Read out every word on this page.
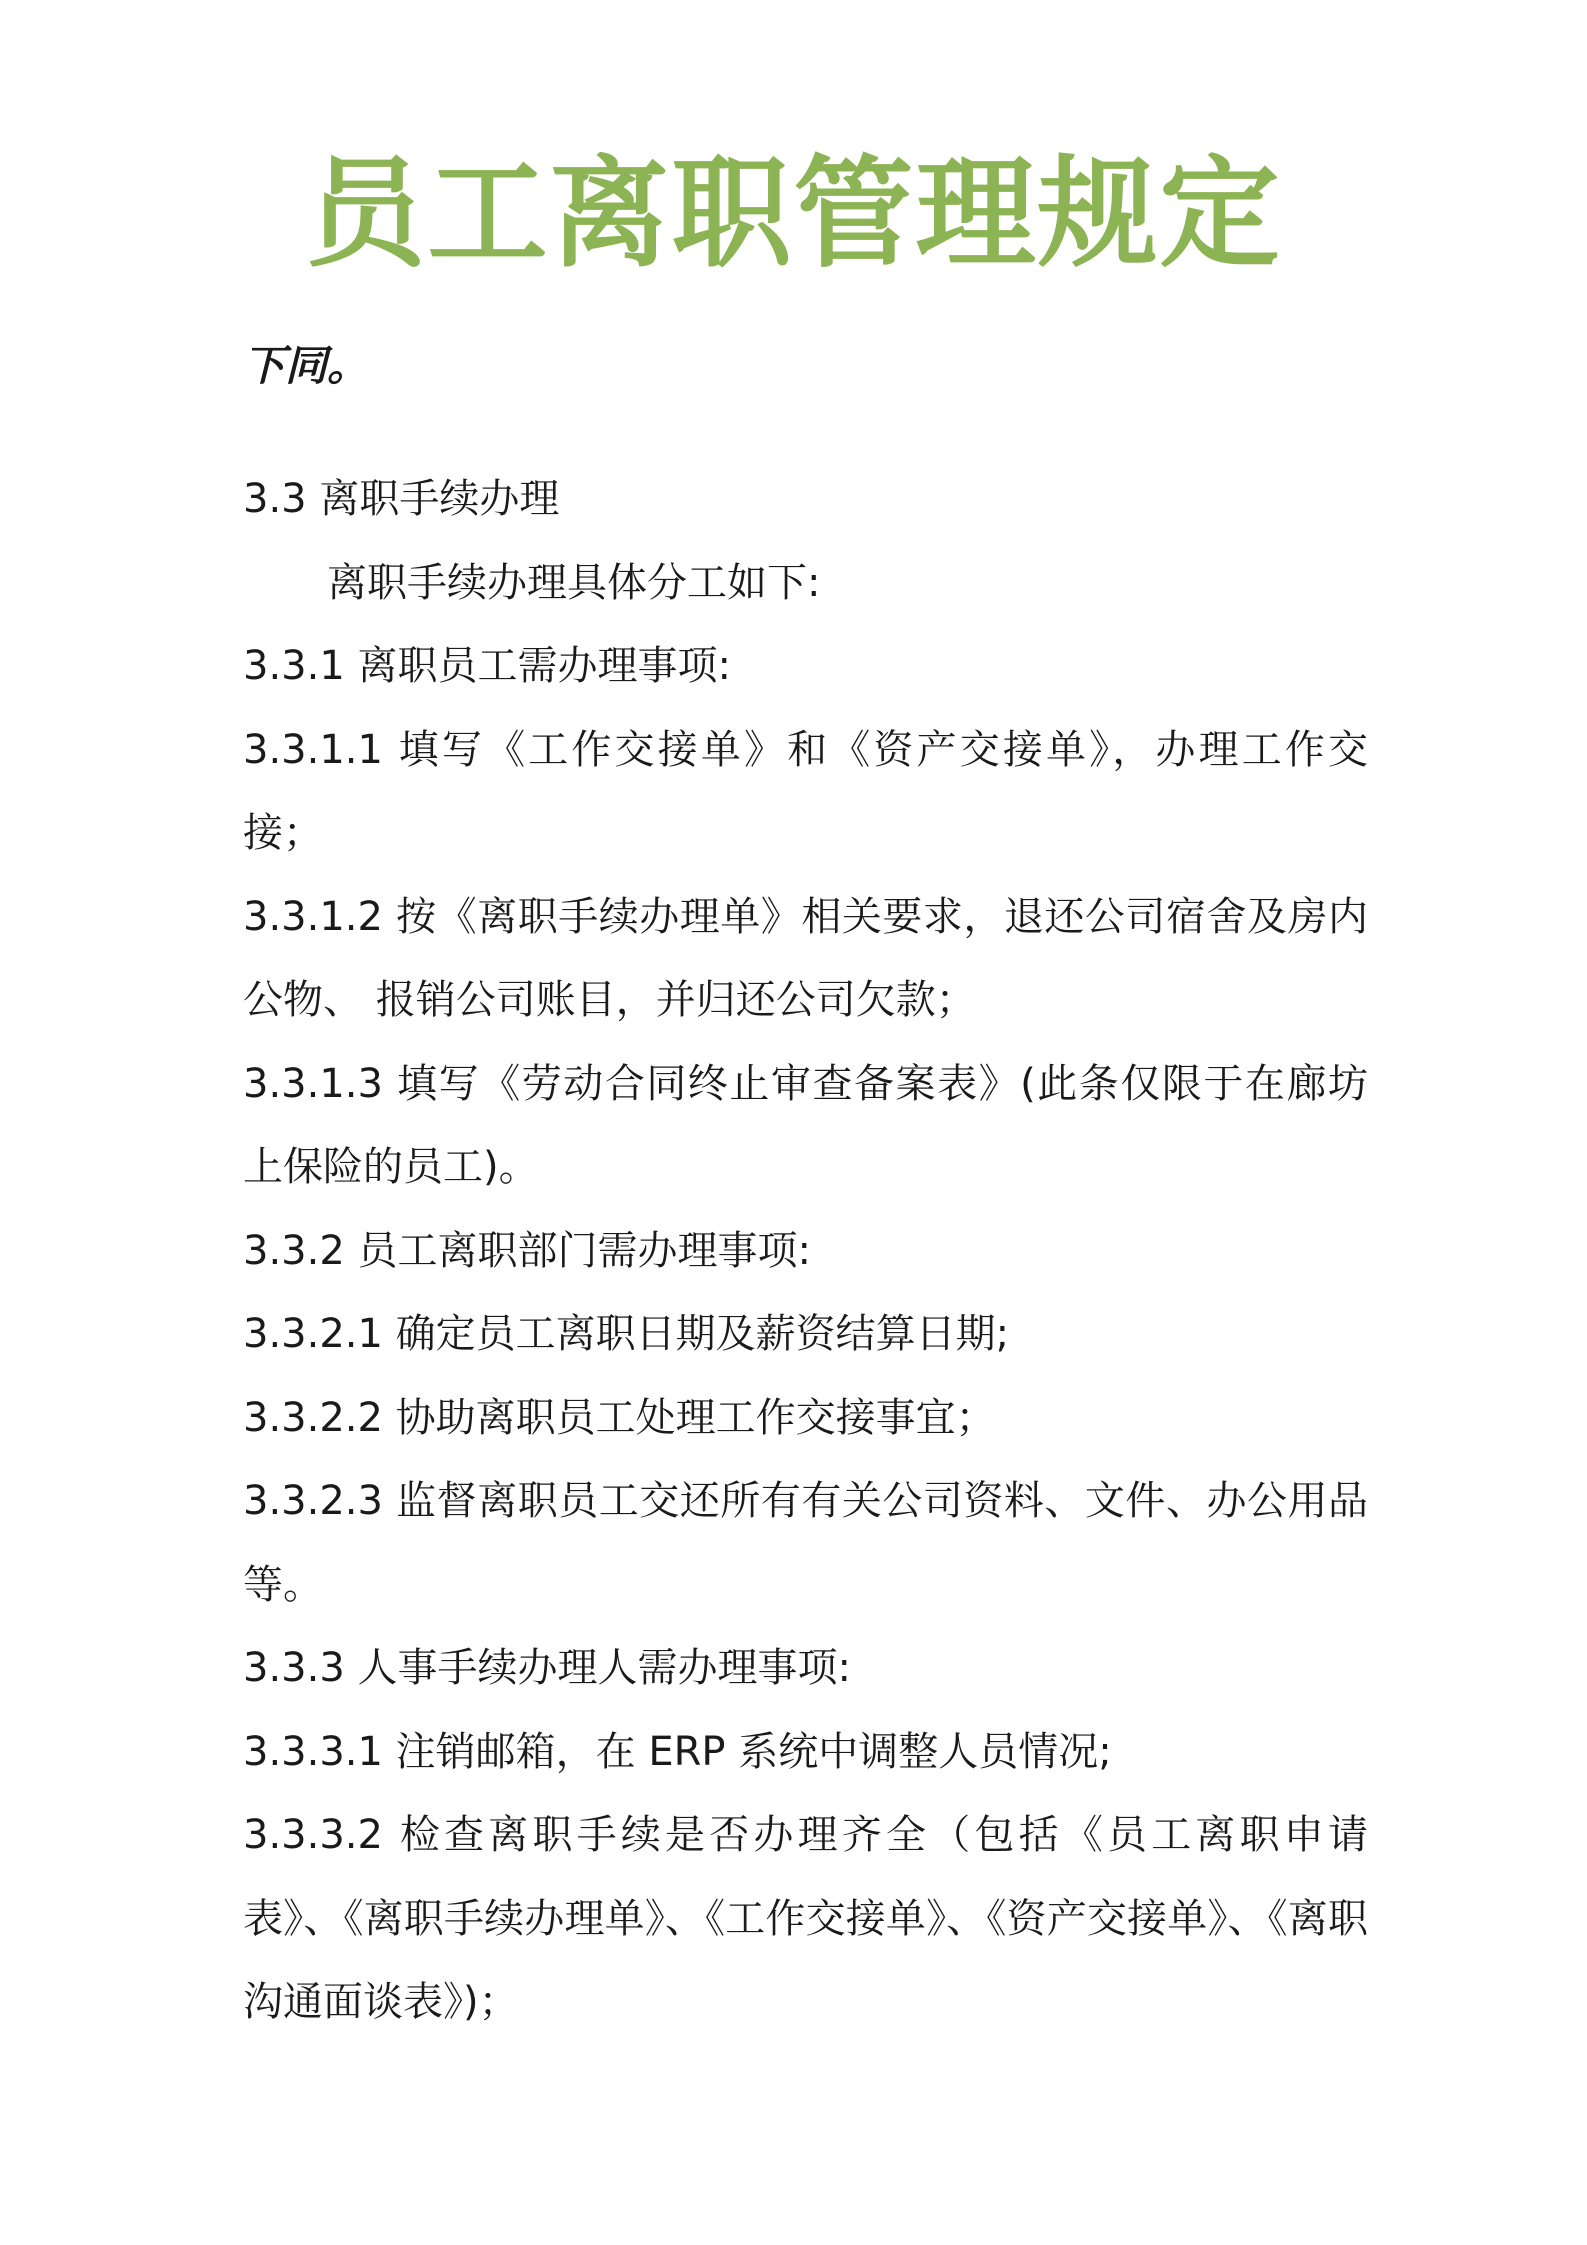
员工离职管理规定
下同。

3.3 离职手续办理

离职手续办理具体分工如下:

3.3.1 离职员工需办理事项:

3.3.1.1 填写《工作交接单》和《资产交接单》，办理工作交接；

3.3.1.2 按《离职手续办理单》相关要求，退还公司宿舍及房内公物、 报销公司账目，并归还公司欠款；

3.3.1.3 填写《劳动合同终止审查备案表》(此条仅限于在廊坊上保险的员工)。

3.3.2 员工离职部门需办理事项:

3.3.2.1 确定员工离职日期及薪资结算日期;

3.3.2.2 协助离职员工处理工作交接事宜；

3.3.2.3 监督离职员工交还所有有关公司资料、文件、办公用品等。

3.3.3 人事手续办理人需办理事项:

3.3.3.1 注销邮箱，在 ERP 系统中调整人员情况;

3.3.3.2 检查离职手续是否办理齐全（包括《员工离职申请表》、《离职手续办理单》、《工作交接单》、《资产交接单》、《离职沟通面谈表》)；
